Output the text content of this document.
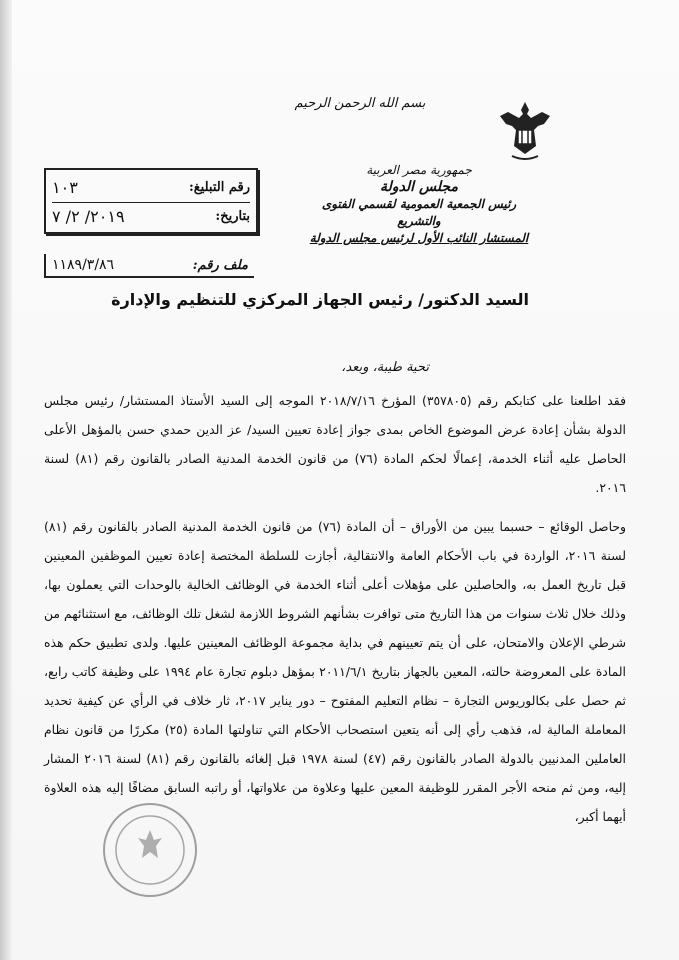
بسم الله الرحمن الرحيم
جمهورية مصر العربية
مجلس الدولة
رئيس الجمعية العمومية لقسمي الفتوى والتشريع
المستشار النائب الأول لرئيس مجلس الدولة
رقم التبليغ:
١٠٣
بتاريخ:
٢٠١٩/ ٢/ ٧
ملف رقم:
١١٨٩/٣/٨٦
السيد الدكتور/ رئيس الجهاز المركزي للتنظيم والإدارة
تحية طيبة، وبعد،

فقد اطلعنا على كتابكم رقم (٣٥٧٨٠٥) المؤرخ ٢٠١٨/٧/١٦ الموجه إلى السيد الأستاذ المستشار/ رئيس مجلس الدولة بشأن إعادة عرض الموضوع الخاص بمدى جواز إعادة تعيين السيد/ عز الدين حمدي حسن بالمؤهل الأعلى الحاصل عليه أثناء الخدمة، إعمالًا لحكم المادة (٧٦) من قانون الخدمة المدنية الصادر بالقانون رقم (٨١) لسنة ٢٠١٦.

وحاصل الوقائع – حسبما يبين من الأوراق – أن المادة (٧٦) من قانون الخدمة المدنية الصادر بالقانون رقم (٨١) لسنة ٢٠١٦، الواردة في باب الأحكام العامة والانتقالية، أجازت للسلطة المختصة إعادة تعيين الموظفين المعينين قبل تاريخ العمل به، والحاصلين على مؤهلات أعلى أثناء الخدمة في الوظائف الخالية بالوحدات التي يعملون بها، وذلك خلال ثلاث سنوات من هذا التاريخ متى توافرت بشأنهم الشروط اللازمة لشغل تلك الوظائف، مع استثنائهم من شرطي الإعلان والامتحان، على أن يتم تعيينهم في بداية مجموعة الوظائف المعينين عليها. ولدى تطبيق حكم هذه المادة على المعروضة حالته، المعين بالجهاز بتاريخ ٢٠١١/٦/١ بمؤهل دبلوم تجارة عام ١٩٩٤ على وظيفة كاتب رابع، ثم حصل على بكالوريوس التجارة – نظام التعليم المفتوح – دور يناير ٢٠١٧، ثار خلاف في الرأي عن كيفية تحديد المعاملة المالية له، فذهب رأي إلى أنه يتعين استصحاب الأحكام التي تناولتها المادة (٢٥) مكررًا من قانون نظام العاملين المدنيين بالدولة الصادر بالقانون رقم (٤٧) لسنة ١٩٧٨ قبل إلغائه بالقانون رقم (٨١) لسنة ٢٠١٦ المشار إليه، ومن ثم منحه الأجر المقرر للوظيفة المعين عليها وعلاوة من علاواتها، أو راتبه السابق مضافًا إليه هذه العلاوة أيهما أكبر،
